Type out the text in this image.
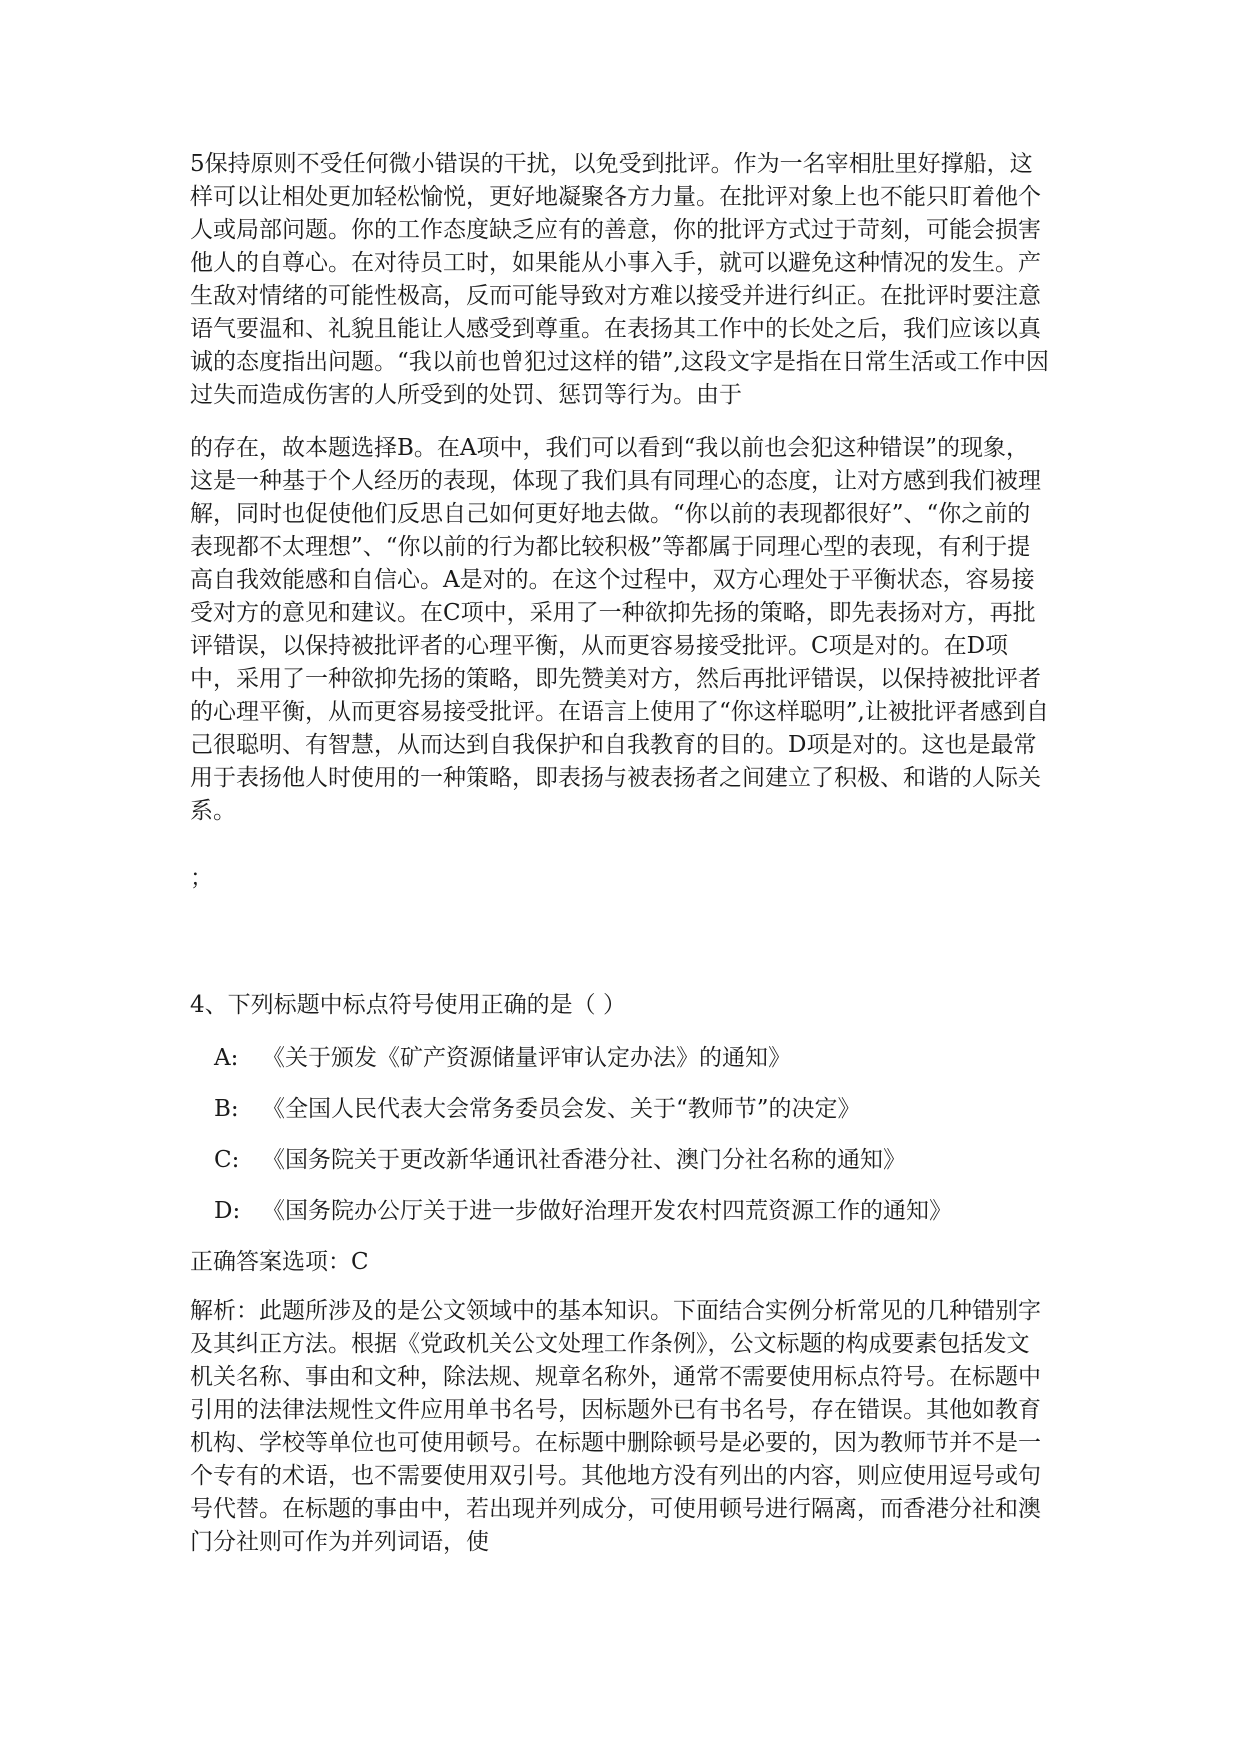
5保持原则不受任何微小错误的干扰，以免受到批评。作为一名宰相肚里好撑船，这样可以让相处更加轻松愉悦，更好地凝聚各方力量。在批评对象上也不能只盯着他个人或局部问题。你的工作态度缺乏应有的善意，你的批评方式过于苛刻，可能会损害他人的自尊心。在对待员工时，如果能从小事入手，就可以避免这种情况的发生。产生敌对情绪的可能性极高，反而可能导致对方难以接受并进行纠正。在批评时要注意语气要温和、礼貌且能让人感受到尊重。在表扬其工作中的长处之后，我们应该以真诚的态度指出问题。“我以前也曾犯过这样的错”,这段文字是指在日常生活或工作中因过失而造成伤害的人所受到的处罚、惩罚等行为。由于

的存在，故本题选择B。在A项中，我们可以看到“我以前也会犯这种错误”的现象，这是一种基于个人经历的表现，体现了我们具有同理心的态度，让对方感到我们被理解，同时也促使他们反思自己如何更好地去做。“你以前的表现都很好”、“你之前的表现都不太理想”、“你以前的行为都比较积极”等都属于同理心型的表现，有利于提高自我效能感和自信心。A是对的。在这个过程中，双方心理处于平衡状态，容易接受对方的意见和建议。在C项中，采用了一种欲抑先扬的策略，即先表扬对方，再批评错误，以保持被批评者的心理平衡，从而更容易接受批评。C项是对的。在D项中，采用了一种欲抑先扬的策略，即先赞美对方，然后再批评错误，以保持被批评者的心理平衡，从而更容易接受批评。在语言上使用了“你这样聪明”,让被批评者感到自己很聪明、有智慧，从而达到自我保护和自我教育的目的。D项是对的。这也是最常用于表扬他人时使用的一种策略，即表扬与被表扬者之间建立了积极、和谐的人际关系。

；

4、下列标题中标点符号使用正确的是（ ）

A:	《关于颁发《矿产资源储量评审认定办法》的通知》
B:	《全国人民代表大会常务委员会发、关于“教师节”的决定》
C: 《国务院关于更改新华通讯社香港分社、澳门分社名称的通知》
D: 《国务院办公厅关于进一步做好治理开发农村四荒资源工作的通知》

正确答案选项：C

解析：此题所涉及的是公文领域中的基本知识。下面结合实例分析常见的几种错别字及其纠正方法。根据《党政机关公文处理工作条例》，公文标题的构成要素包括发文机关名称、事由和文种，除法规、规章名称外，通常不需要使用标点符号。在标题中引用的法律法规性文件应用单书名号，因标题外已有书名号，存在错误。其他如教育机构、学校等单位也可使用顿号。在标题中删除顿号是必要的，因为教师节并不是一个专有的术语，也不需要使用双引号。其他地方没有列出的内容，则应使用逗号或句号代替。在标题的事由中，若出现并列成分，可使用顿号进行隔离，而香港分社和澳门分社则可作为并列词语，使
